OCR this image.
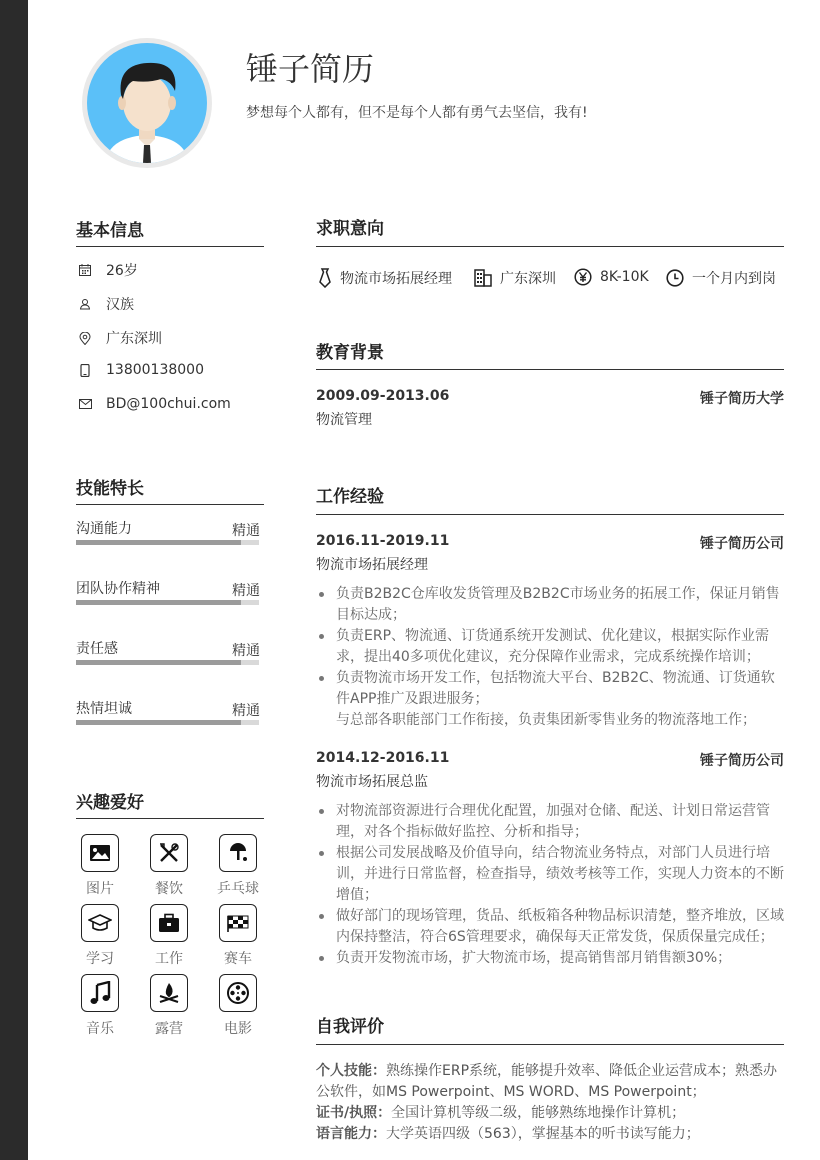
锤子简历
梦想每个人都有，但不是每个人都有勇气去坚信，我有!
基本信息
26岁
汉族
广东深圳
13800138000
BD@100chui.com
技能特长
沟通能力	精通
团队协作精神	精通
责任感	精通
热情坦诚	精通
兴趣爱好
图片	餐饮	乒乓球
学习	工作	赛车
音乐	露营	电影
求职意向
物流市场拓展经理	广东深圳	8K-10K	一个月内到岗
教育背景
2009.09-2013.06	锤子简历大学
物流管理
工作经验
2016.11-2019.11	锤子简历公司
物流市场拓展经理
负责B2B2C仓库收发货管理及B2B2C市场业务的拓展工作，保证月销售目标达成；
负责ERP、物流通、订货通系统开发测试、优化建议，根据实际作业需求，提出40多项优化建议，充分保障作业需求，完成系统操作培训；
负责物流市场开发工作，包括物流大平台、B2B2C、物流通、订货通软件APP推广及跟进服务；
与总部各职能部门工作衔接，负责集团新零售业务的物流落地工作；
2014.12-2016.11	锤子简历公司
物流市场拓展总监
对物流部资源进行合理优化配置，加强对仓储、配送、计划日常运营管理，对各个指标做好监控、分析和指导；
根据公司发展战略及价值导向，结合物流业务特点，对部门人员进行培训，并进行日常监督，检查指导，绩效考核等工作，实现人力资本的不断增值；
做好部门的现场管理，货品、纸板箱各种物品标识清楚，整齐堆放，区域内保持整洁，符合6S管理要求，确保每天正常发货，保质保量完成任；
负责开发物流市场，扩大物流市场，提高销售部月销售额30%；
自我评价
个人技能：熟练操作ERP系统，能够提升效率、降低企业运营成本；熟悉办公软件，如MS Powerpoint、MS WORD、MS Powerpoint；
证书/执照：全国计算机等级二级，能够熟练地操作计算机；
语言能力：大学英语四级（563），掌握基本的听书读写能力；
